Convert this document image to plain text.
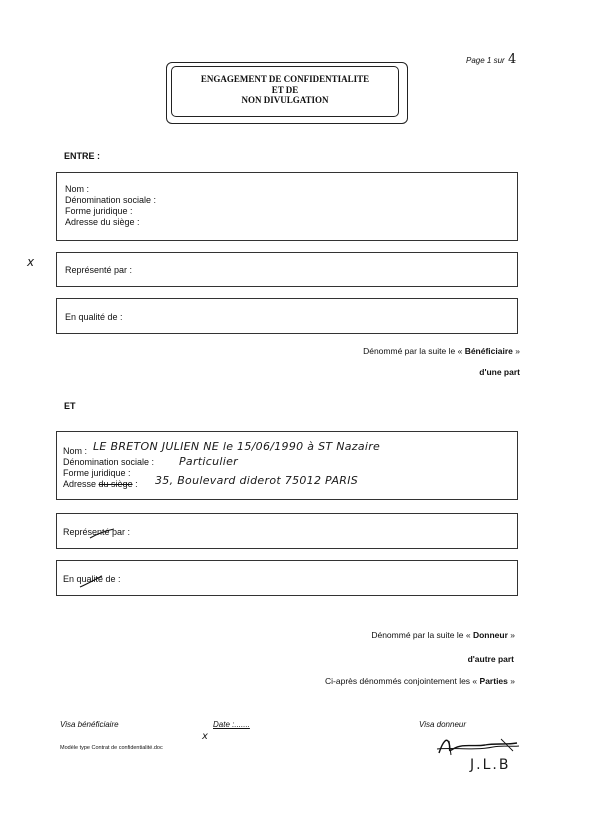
Page 1 sur 4
ENGAGEMENT DE CONFIDENTIALITE
ET DE
NON DIVULGATION
ENTRE :
Nom :
Dénomination sociale :
Forme juridique :
Adresse du siège :
x
Représenté par :
En qualité de :
Dénommé par la suite le « Bénéficiaire »
d'une part
ET
Nom : LE BRETON JULIEN NE le 15/06/1990 à ST Nazaire
Dénomination sociale : Particulier
Forme juridique :
Adresse du siège : 35, Boulevard diderot 75012 PARIS
Représenté par :
En qualité de :
Dénommé par la suite le « Donneur »
d'autre part
Ci-après dénommés conjointement les « Parties »
Visa bénéficiaire	Date :.......	Visa donneur
Modèle type Contrat de confidentialité.doc
x
J.L.B
